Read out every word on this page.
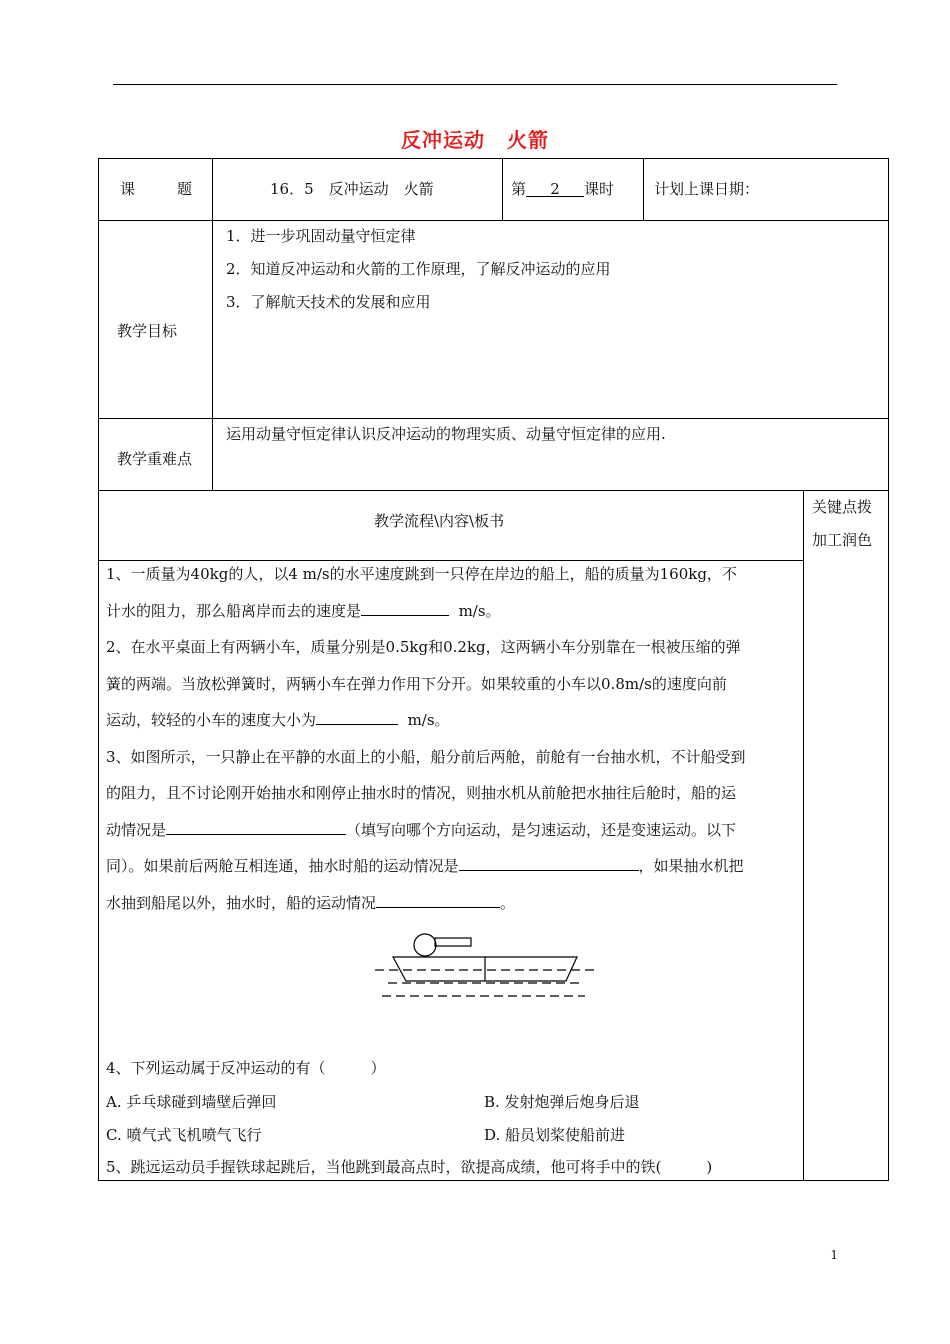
反冲运动 火箭
课	题	16．5　反冲运动　火箭	第 2 课时	计划上课日期：
教学目标
1．进一步巩固动量守恒定律
2．知道反冲运动和火箭的工作原理，了解反冲运动的应用
3．了解航天技术的发展和应用
教学重难点
运用动量守恒定律认识反冲运动的物理实质、动量守恒定律的应用.
教学流程\内容\板书
关键点拨
加工润色
1、一质量为40kg的人，以4 m/s的水平速度跳到一只停在岸边的船上，船的质量为160kg，不
计水的阻力，那么船离岸而去的速度是	m/s。
2、在水平桌面上有两辆小车，质量分别是0.5kg和0.2kg，这两辆小车分别靠在一根被压缩的弹
簧的两端。当放松弹簧时，两辆小车在弹力作用下分开。如果较重的小车以0.8m/s的速度向前
运动，较轻的小车的速度大小为	m/s。
3、如图所示，一只静止在平静的水面上的小船，船分前后两舱，前舱有一台抽水机，不计船受到
的阻力，且不讨论刚开始抽水和刚停止抽水时的情况，则抽水机从前舱把水抽往后舱时，船的运
动情况是	（填写向哪个方向运动，是匀速运动，还是变速运动。以下
同）。如果前后两舱互相连通，抽水时船的运动情况是	，如果抽水机把
水抽到船尾以外，抽水时，船的运动情况	。
4、下列运动属于反冲运动的有（　　　）
A. 乒乓球碰到墙壁后弹回	B. 发射炮弹后炮身后退
C. 喷气式飞机喷气飞行	D. 船员划桨使船前进
5、跳远运动员手握铁球起跳后，当他跳到最高点时，欲提高成绩，他可将手中的铁(　　　)
1
